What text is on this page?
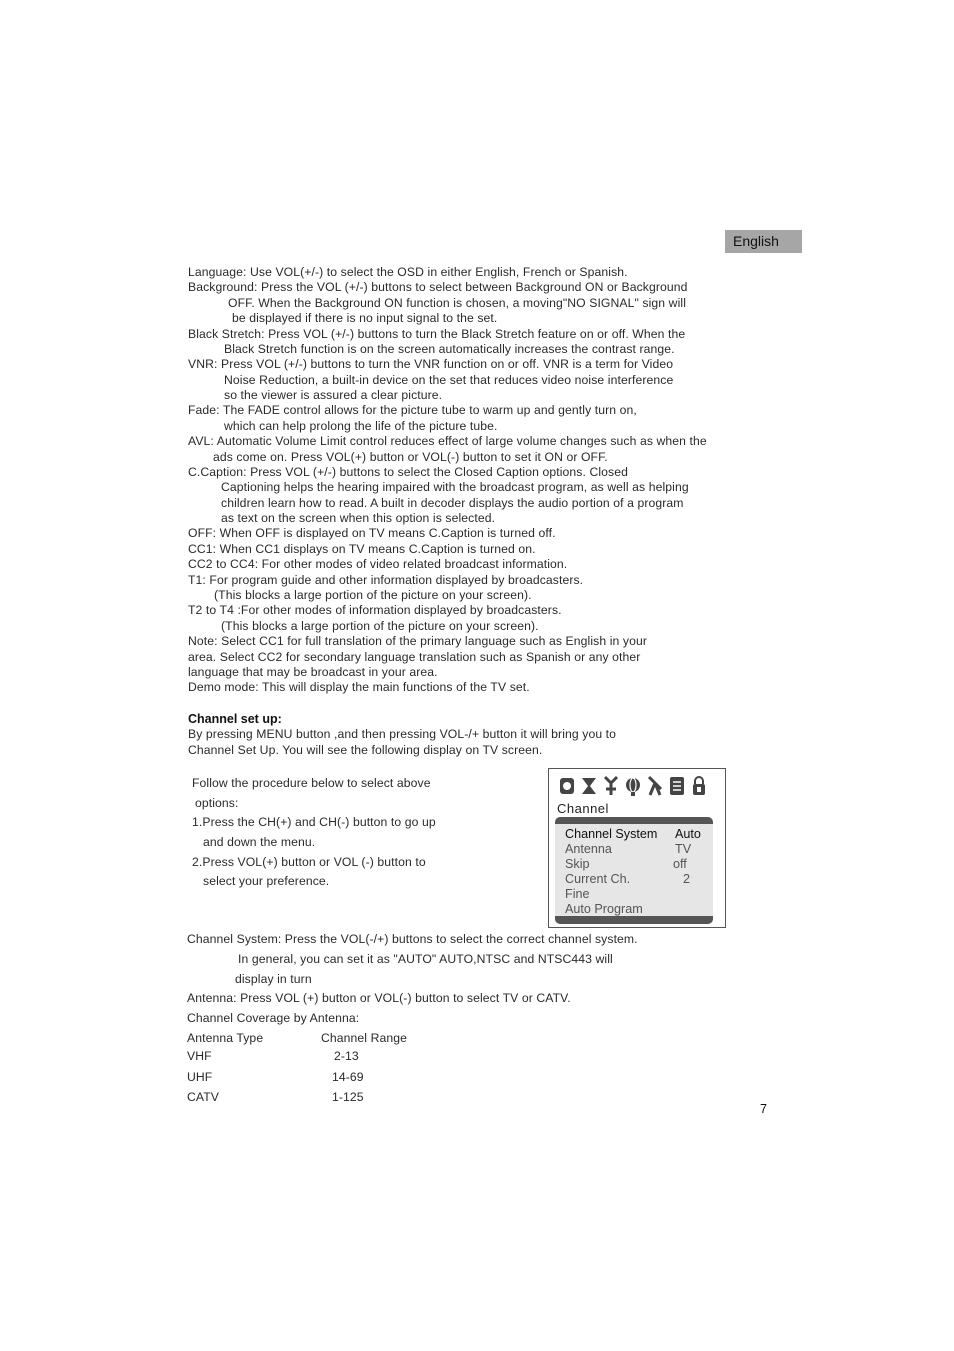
English
Language: Use VOL(+/-) to select the OSD in either English, French or Spanish.
Background: Press the VOL (+/-) buttons to select between Background ON or Background
OFF. When the Background ON function is chosen, a moving"NO SIGNAL" sign will
be displayed if there is no input signal to the set.
Black Stretch: Press VOL (+/-) buttons to turn the Black Stretch feature on or off. When the
Black Stretch function is on the screen automatically increases the contrast range.
VNR: Press VOL (+/-) buttons to turn the VNR function on or off. VNR is a term for Video
Noise Reduction, a built-in device on the set that reduces video noise interference
so the viewer is assured a clear picture.
Fade: The FADE control allows for the picture tube to warm up and gently turn on,
which can help prolong the life of the picture tube.
AVL: Automatic Volume Limit control reduces effect of large volume changes such as when the
ads come on. Press VOL(+) button or VOL(-) button to set it ON or OFF.
C.Caption: Press VOL (+/-) buttons to select the Closed Caption options. Closed
Captioning helps the hearing impaired with the broadcast program, as well as helping
children learn how to read. A built in decoder displays the audio portion of a program
as text on the screen when this option is selected.
OFF: When OFF is displayed on TV means C.Caption is turned off.
CC1: When CC1 displays on TV means C.Caption is turned on.
CC2 to CC4: For other modes of video related broadcast information.
T1: For program guide and other information displayed by broadcasters.
(This blocks a large portion of the picture on your screen).
T2 to T4 :For other modes of information displayed by broadcasters.
(This blocks a large portion of the picture on your screen).
Note: Select CC1 for full translation of the primary language such as English in your
area. Select CC2 for secondary language translation such as Spanish or any other
language that may be broadcast in your area.
Demo mode: This will display the main functions of the TV set.
By pressing MENU button ,and then pressing VOL-/+ button it will bring you to
Channel Set Up. You will see the following display on TV screen.
Follow the procedure below to select above
options:
1.Press the CH(+) and CH(-) button to go up
and down the menu.
2.Press VOL(+) button or VOL (-) button to
select your preference.
Channel System: Press the VOL(-/+) buttons to select the correct channel system.
In general, you can set it as "AUTO" AUTO,NTSC and NTSC443 will
display in turn
Antenna: Press VOL (+) button or VOL(-) button to select TV or CATV.
Channel Coverage by Antenna:
Antenna Type	Channel Range
VHF	2-13
UHF	14-69
CATV	1-125
Channel set up:
Channel
Channel System Auto
Antenna	TV
Skip	off
Current Ch.	2
Fine
Auto Program
7
